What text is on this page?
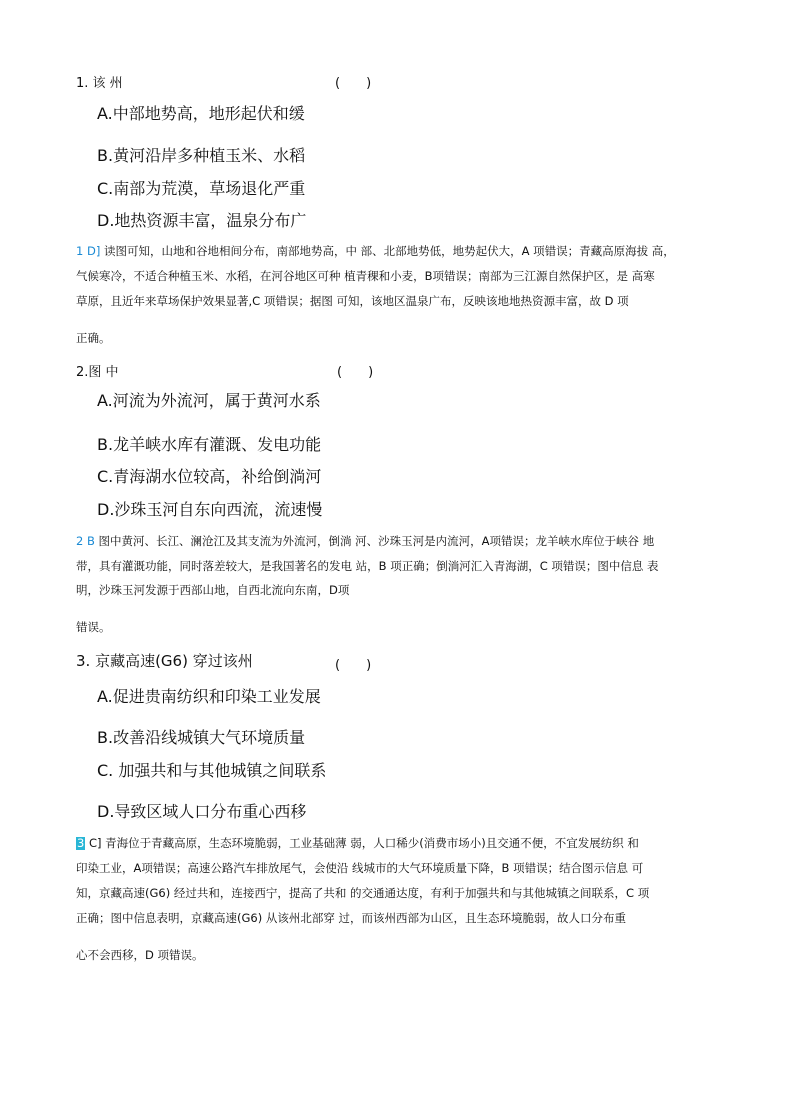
1. 该 州	(　　)
A.中部地势高，地形起伏和缓
B.黄河沿岸多种植玉米、水稻
C.南部为荒漠，草场退化严重
D.地热资源丰富，温泉分布广
1 D] 读图可知，山地和谷地相间分布，南部地势高，中 部、北部地势低，地势起伏大，A 项错误；青藏高原海拔 高，
气候寒冷，不适合种植玉米、水稻，在河谷地区可种 植青稞和小麦，B项错误；南部为三江源自然保护区，是 高寒
草原，且近年来草场保护效果显著,C 项错误；据图 可知，该地区温泉广布，反映该地地热资源丰富，故 D 项
正确。
2.图 中	(　　)
A.河流为外流河，属于黄河水系
B.龙羊峡水库有灌溉、发电功能
C.青海湖水位较高，补给倒淌河
D.沙珠玉河自东向西流，流速慢
2 B 图中黄河、长江、澜沧江及其支流为外流河，倒淌 河、沙珠玉河是内流河，A项错误；龙羊峡水库位于峡谷 地
带，具有灌溉功能，同时落差较大，是我国著名的发电 站，B 项正确；倒淌河汇入青海湖，C 项错误；图中信息 表
明，沙珠玉河发源于西部山地，自西北流向东南，D项
错误。
3. 京藏高速(G6) 穿过该州	(　　)
A.促进贵南纺织和印染工业发展
B.改善沿线城镇大气环境质量
C. 加强共和与其他城镇之间联系
D.导致区域人口分布重心西移
3 C] 青海位于青藏高原，生态环境脆弱，工业基础薄 弱，人口稀少(消费市场小)且交通不便，不宜发展纺织 和
印染工业，A项错误；高速公路汽车排放尾气，会使沿 线城市的大气环境质量下降，B 项错误；结合图示信息 可
知，京藏高速(G6) 经过共和，连接西宁，提高了共和 的交通通达度，有利于加强共和与其他城镇之间联系，C 项
正确；图中信息表明，京藏高速(G6) 从该州北部穿 过，而该州西部为山区，且生态环境脆弱，故人口分布重
心不会西移，D 项错误。
